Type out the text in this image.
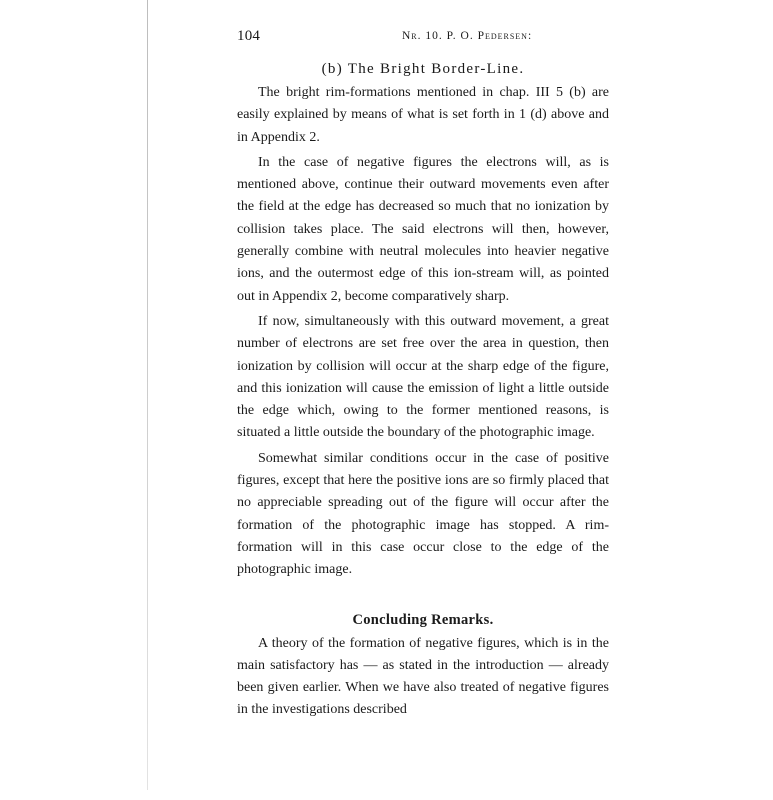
104	Nr. 10. P. O. Pedersen:
(b) The Bright Border-Line.

The bright rim-formations mentioned in chap. III 5 (b) are easily explained by means of what is set forth in 1 (d) above and in Appendix 2.

In the case of negative figures the electrons will, as is mentioned above, continue their outward movements even after the field at the edge has decreased so much that no ionization by collision takes place. The said electrons will then, however, generally combine with neutral molecules into heavier negative ions, and the outermost edge of this ion-stream will, as pointed out in Appendix 2, become comparatively sharp.

If now, simultaneously with this outward movement, a great number of electrons are set free over the area in question, then ionization by collision will occur at the sharp edge of the figure, and this ionization will cause the emission of light a little outside the edge which, owing to the former mentioned reasons, is situated a little outside the boundary of the photographic image.

Somewhat similar conditions occur in the case of positive figures, except that here the positive ions are so firmly placed that no appreciable spreading out of the figure will occur after the formation of the photographic image has stopped. A rim-formation will in this case occur close to the edge of the photographic image.

Concluding Remarks.

A theory of the formation of negative figures, which is in the main satisfactory has — as stated in the introduction — already been given earlier. When we have also treated of negative figures in the investigations described
